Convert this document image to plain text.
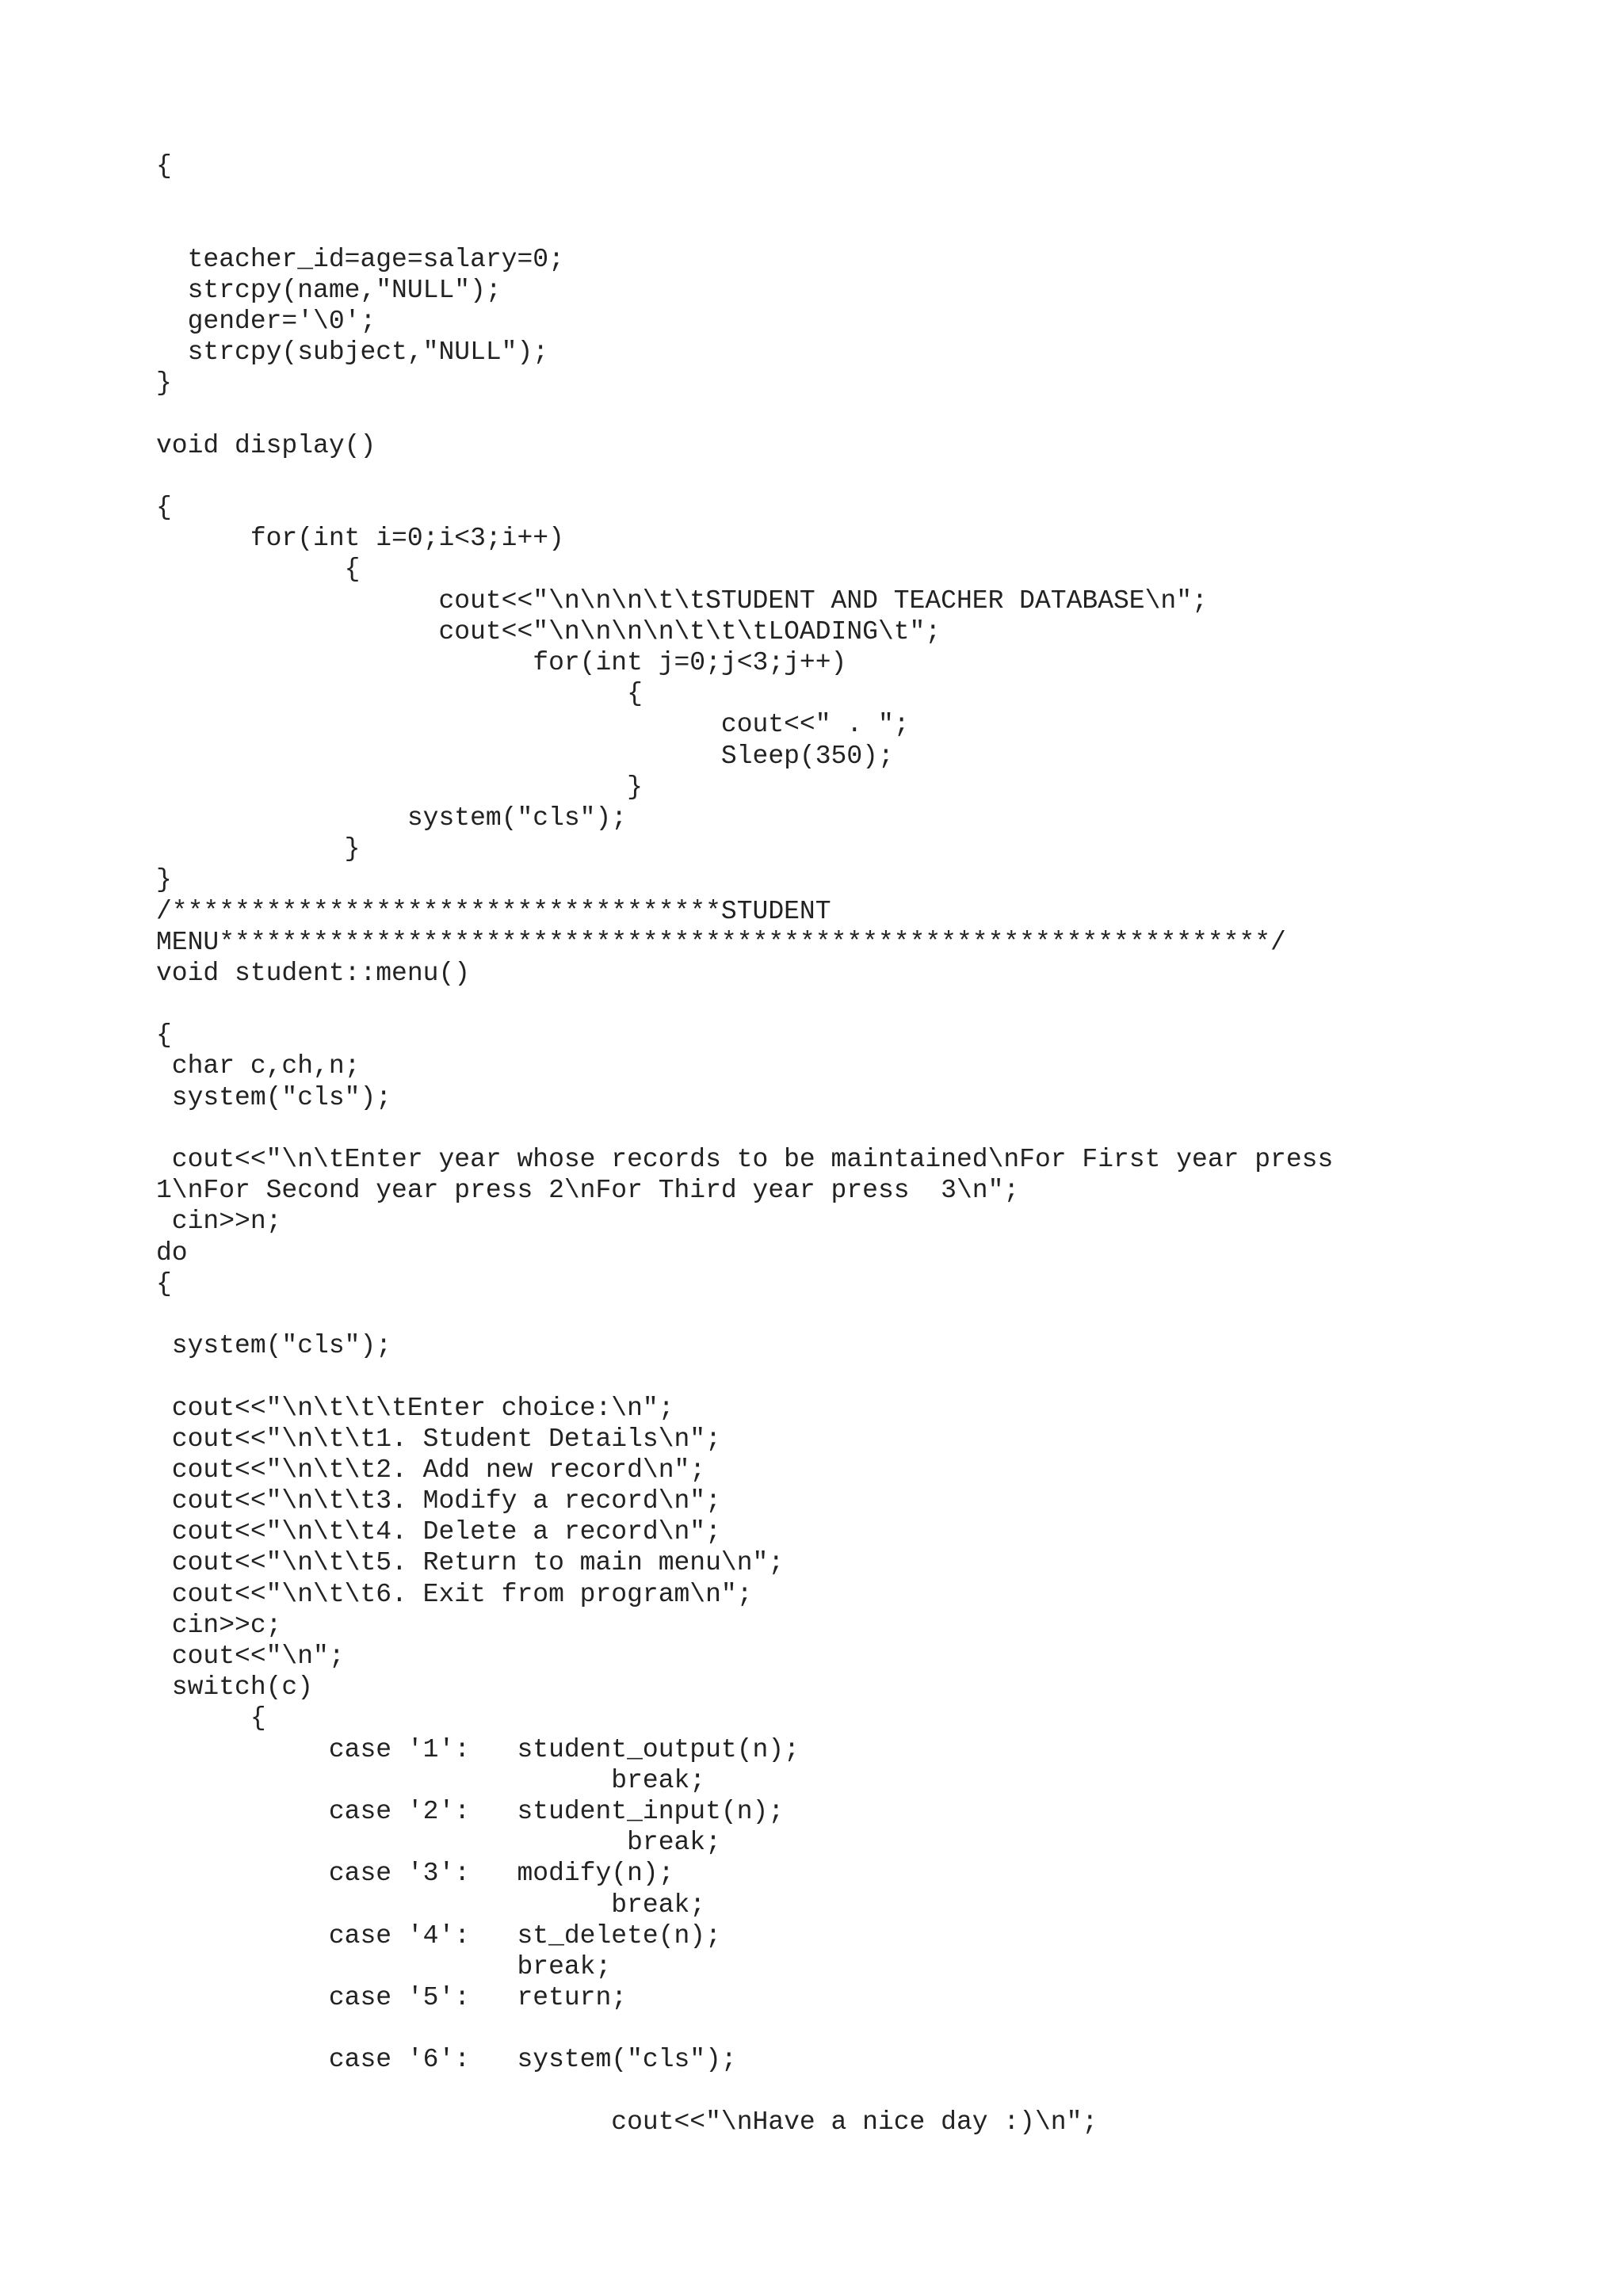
{
teacher_id=age=salary=0;
strcpy(name,"NULL");
gender='\0';
strcpy(subject,"NULL");
}
void display()
{
for(int i=0;i<3;i++)
{
cout<<"\n\n\n\t\tSTUDENT AND TEACHER DATABASE\n";
cout<<"\n\n\n\n\t\t\tLOADING\t";
for(int j=0;j<3;j++)
{
cout<<" . ";
Sleep(350);
}
system("cls");
}
}
/***********************************STUDENT
MENU*******************************************************************/
void student::menu()
{
char c,ch,n;
system("cls");
cout<<"\n\tEnter year whose records to be maintained\nFor First year press
1\nFor Second year press 2\nFor Third year press  3\n";
cin>>n;
do
{
system("cls");
cout<<"\n\t\t\tEnter choice:\n";
cout<<"\n\t\t1. Student Details\n";
cout<<"\n\t\t2. Add new record\n";
cout<<"\n\t\t3. Modify a record\n";
cout<<"\n\t\t4. Delete a record\n";
cout<<"\n\t\t5. Return to main menu\n";
cout<<"\n\t\t6. Exit from program\n";
cin>>c;
cout<<"\n";
switch(c)
{
case '1':   student_output(n);
break;
case '2':   student_input(n);
break;
case '3':   modify(n);
break;
case '4':   st_delete(n);
break;
case '5':   return;
case '6':   system("cls");
cout<<"\nHave a nice day :)\n";
